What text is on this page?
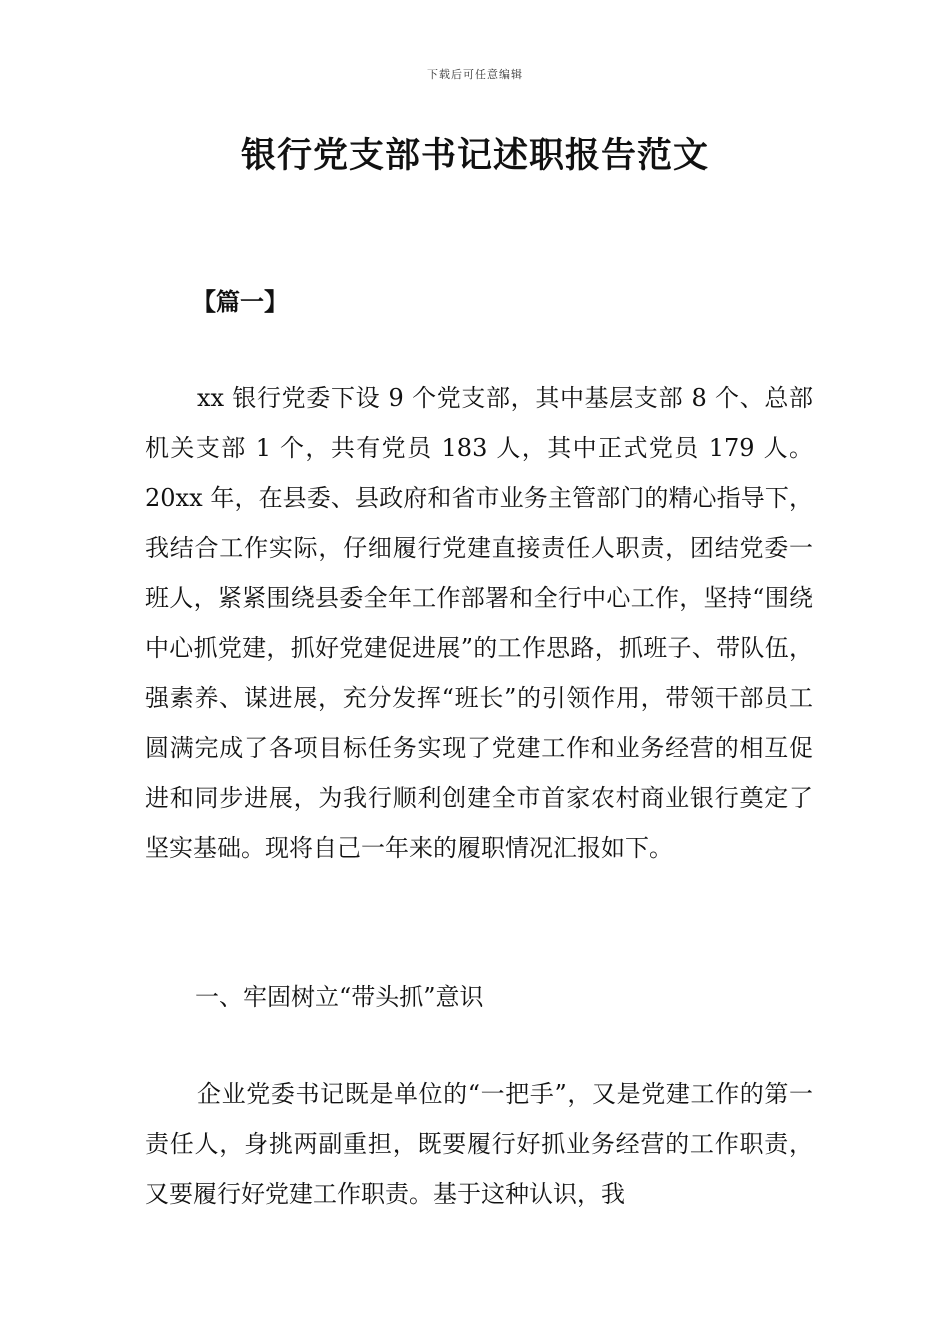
下载后可任意编辑
银行党支部书记述职报告范文
【篇一】

xx 银行党委下设 9 个党支部，其中基层支部 8 个、总部机关支部 1 个，共有党员 183 人，其中正式党员 179 人。20xx 年，在县委、县政府和省市业务主管部门的精心指导下，我结合工作实际，仔细履行党建直接责任人职责，团结党委一班人，紧紧围绕县委全年工作部署和全行中心工作，坚持“围绕中心抓党建，抓好党建促进展”的工作思路，抓班子、带队伍，强素养、谋进展，充分发挥“班长”的引领作用，带领干部员工圆满完成了各项目标任务实现了党建工作和业务经营的相互促进和同步进展，为我行顺利创建全市首家农村商业银行奠定了坚实基础。现将自己一年来的履职情况汇报如下。

一、牢固树立“带头抓”意识

企业党委书记既是单位的“一把手”，又是党建工作的第一责任人，身挑两副重担，既要履行好抓业务经营的工作职责，又要履行好党建工作职责。基于这种认识，我
